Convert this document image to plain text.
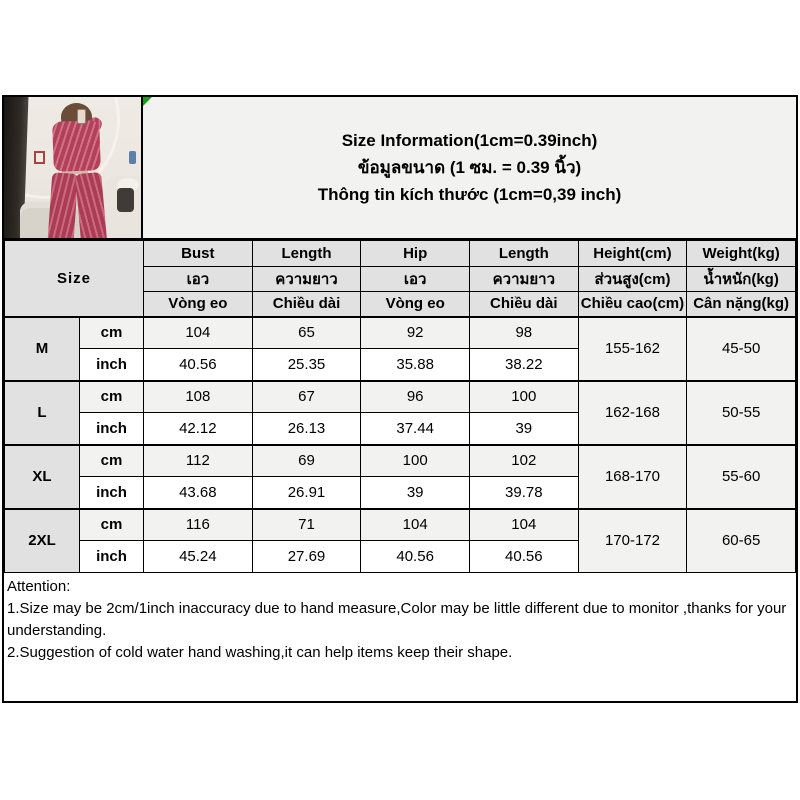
Size Information(1cm=0.39inch)
ข้อมูลขนาด (1 ซม. = 0.39 นิ้ว)
Thông tin kích thước (1cm=0,39 inch)
Size		Bust	Length	Hip	Length	Height(cm)	Weight(kg)
		เอว	ความยาว	เอว	ความยาว	ส่วนสูง(cm)	น้ำหนัก(kg)
		Vòng eo	Chiều dài	Vòng eo	Chiều dài	Chiều cao(cm)	Cân nặng(kg)
M	cm	104	65	92	98	155-162	45-50
	inch	40.56	25.35	35.88	38.22		
L	cm	108	67	96	100	162-168	50-55
	inch	42.12	26.13	37.44	39		
XL	cm	112	69	100	102	168-170	55-60
	inch	43.68	26.91	39	39.78		
2XL	cm	116	71	104	104	170-172	60-65
	inch	45.24	27.69	40.56	40.56		
Attention:
1.Size may be 2cm/1inch inaccuracy due to hand measure,Color may be little different due to monitor ,thanks for your understanding.
2.Suggestion of cold water hand washing,it can help items keep their shape.
